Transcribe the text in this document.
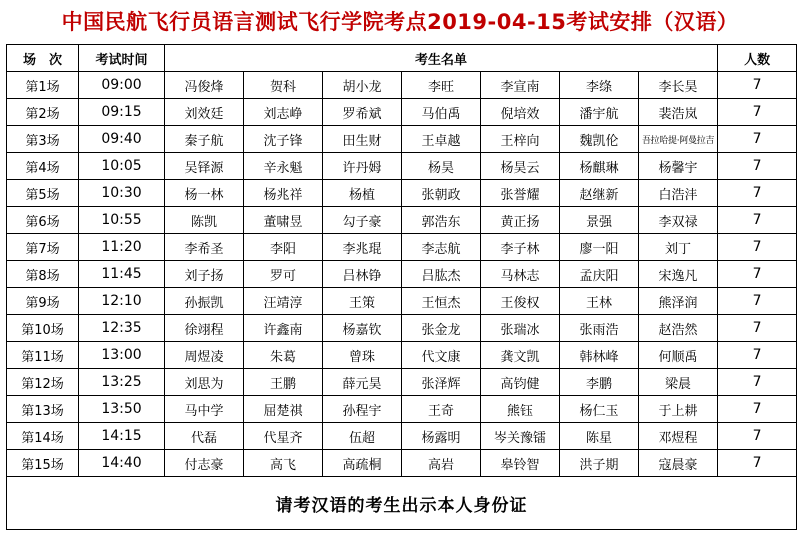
中国民航飞行员语言测试飞行学院考点2019-04-15考试安排（汉语）
场　次	考试时间	考生名单							人数
第1场	09:00	冯俊烽	贺科	胡小龙	李旺	李宣南	李绦	李长昊	7
第2场	09:15	刘效廷	刘志峥	罗希斌	马伯禹	倪培效	潘宇航	裴浩岚	7
第3场	09:40	秦子航	沈子锋	田生财	王卓越	王梓向	魏凯伦	吾拉哈提·阿曼拉吉	7
第4场	10:05	吴铎源	辛永魁	许丹姆	杨昊	杨昊云	杨麒琳	杨馨宇	7
第5场	10:30	杨一林	杨兆祥	杨植	张朝政	张誉耀	赵继新	白浩沣	7
第6场	10:55	陈凯	董啸昱	勾子豪	郭浩东	黄正扬	景强	李双禄	7
第7场	11:20	李希圣	李阳	李兆琨	李志航	李子林	廖一阳	刘丁	7
第8场	11:45	刘子扬	罗可	吕林铮	吕肱杰	马林志	孟庆阳	宋逸凡	7
第9场	12:10	孙振凯	汪靖淳	王策	王恒杰	王俊权	王林	熊泽润	7
第10场	12:35	徐翊程	许鑫南	杨嘉钦	张金龙	张瑞冰	张雨浩	赵浩然	7
第11场	13:00	周煜凌	朱葛	曾珠	代文康	龚文凯	韩林峰	何顺禹	7
第12场	13:25	刘思为	王鹏	薛元昊	张泽辉	高钧健	李鹏	梁晨	7
第13场	13:50	马中学	屈楚祺	孙程宇	王奇	熊钰	杨仁玉	于上耕	7
第14场	14:15	代磊	代星齐	伍超	杨露明	岑关豫镭	陈星	邓煜程	7
第15场	14:40	付志豪	高飞	高疏桐	高岩	皋铃智	洪子期	寇晨豪	7
请考汉语的考生出示本人身份证
